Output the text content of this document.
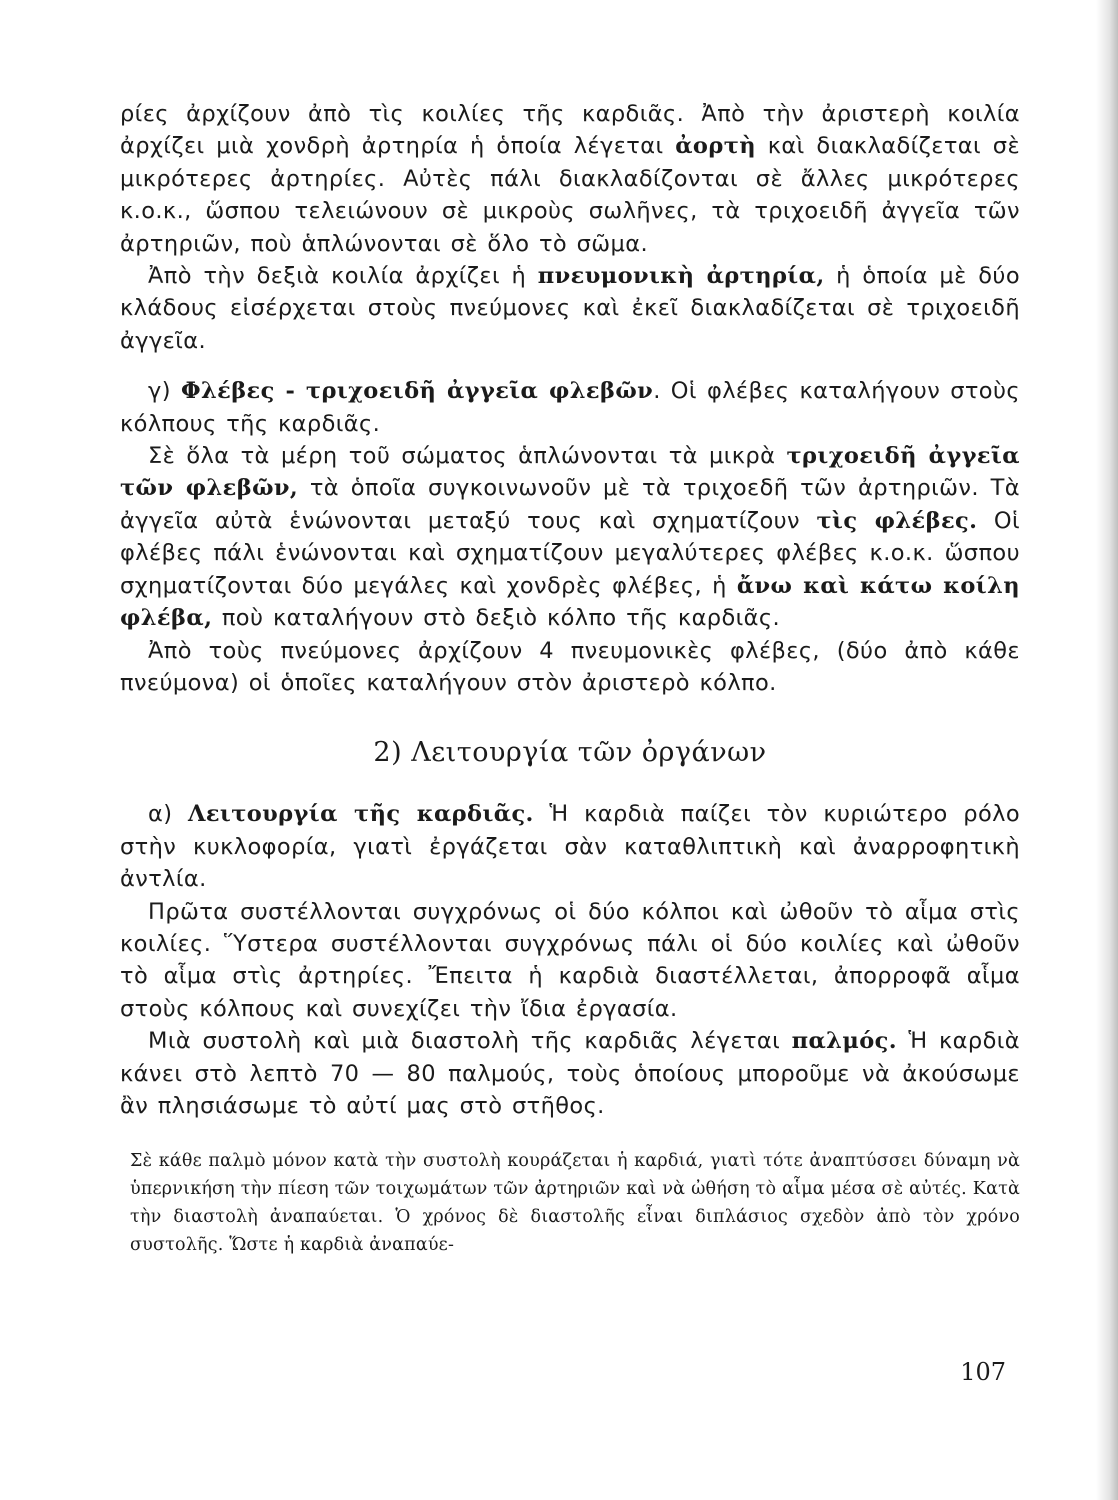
ρίες ἀρχίζουν ἀπὸ τὶς κοιλίες τῆς καρδιᾶς. Ἀπὸ τὴν ἀριστερὴ κοιλία ἀρχίζει μιὰ χονδρὴ ἀρτηρία ἡ ὁποία λέγεται ἀορτὴ καὶ διακλαδίζεται σὲ μικρότερες ἀρτηρίες. Αὐτὲς πάλι διακλαδίζονται σὲ ἄλλες μικρότερες κ.ο.κ., ὥσπου τελειώνουν σὲ μικροὺς σωλῆνες, τὰ τριχοειδῆ ἀγγεῖα τῶν ἀρτηριῶν, ποὺ ἁπλώνονται σὲ ὅλο τὸ σῶμα.

Ἀπὸ τὴν δεξιὰ κοιλία ἀρχίζει ἡ πνευμονικὴ ἀρτηρία, ἡ ὁποία μὲ δύο κλάδους εἰσέρχεται στοὺς πνεύμονες καὶ ἐκεῖ διακλαδίζεται σὲ τριχοειδῆ ἀγγεῖα.

γ) Φλέβες - τριχοειδῆ ἀγγεῖα φλεβῶν. Οἱ φλέβες καταλήγουν στοὺς κόλπους τῆς καρδιᾶς.

Σὲ ὅλα τὰ μέρη τοῦ σώματος ἁπλώνονται τὰ μικρὰ τριχοειδῆ ἀγγεῖα τῶν φλεβῶν, τὰ ὁποῖα συγκοινωνοῦν μὲ τὰ τριχοεδῆ τῶν ἀρτηριῶν. Τὰ ἀγγεῖα αὐτὰ ἑνώνονται μεταξύ τους καὶ σχηματίζουν τὶς φλέβες. Οἱ φλέβες πάλι ἑνώνονται καὶ σχηματίζουν μεγαλύτερες φλέβες κ.ο.κ. ὥσπου σχηματίζονται δύο μεγάλες καὶ χονδρὲς φλέβες, ἡ ἄνω καὶ κάτω κοίλη φλέβα, ποὺ καταλήγουν στὸ δεξιὸ κόλπο τῆς καρδιᾶς.

Ἀπὸ τοὺς πνεύμονες ἀρχίζουν 4 πνευμονικὲς φλέβες, (δύο ἀπὸ κάθε πνεύμονα) οἱ ὁποῖες καταλήγουν στὸν ἀριστερὸ κόλπο.

2) Λειτουργία τῶν ὀργάνων

α) Λειτουργία τῆς καρδιᾶς. Ἡ καρδιὰ παίζει τὸν κυριώτερο ρόλο στὴν κυκλοφορία, γιατὶ ἐργάζεται σὰν καταθλιπτικὴ καὶ ἀναρροφητικὴ ἀντλία.

Πρῶτα συστέλλονται συγχρόνως οἱ δύο κόλποι καὶ ὠθοῦν τὸ αἷμα στὶς κοιλίες. Ὕστερα συστέλλονται συγχρόνως πάλι οἱ δύο κοιλίες καὶ ὠθοῦν τὸ αἷμα στὶς ἀρτηρίες. Ἔπειτα ἡ καρδιὰ διαστέλλεται, ἀπορροφᾶ αἷμα στοὺς κόλπους καὶ συνεχίζει τὴν ἴδια ἐργασία.

Μιὰ συστολὴ καὶ μιὰ διαστολὴ τῆς καρδιᾶς λέγεται παλμός. Ἡ καρδιὰ κάνει στὸ λεπτὸ 70 — 80 παλμούς, τοὺς ὁποίους μποροῦμε νὰ ἀκούσωμε ἂν πλησιάσωμε τὸ αὐτί μας στὸ στῆθος.

Σὲ κάθε παλμὸ μόνον κατὰ τὴν συστολὴ κουράζεται ἡ καρδιά, γιατὶ τότε ἀναπτύσσει δύναμη νὰ ὑπερνικήση τὴν πίεση τῶν τοιχωμάτων τῶν ἀρτηριῶν καὶ νὰ ὠθήση τὸ αἷμα μέσα σὲ αὐτές. Κατὰ τὴν διαστολὴ ἀναπαύεται. Ὁ χρόνος δὲ διαστολῆς εἶναι διπλάσιος σχεδὸν ἀπὸ τὸν χρόνο συστολῆς. Ὥστε ἡ καρδιὰ ἀναπαύε-

107
